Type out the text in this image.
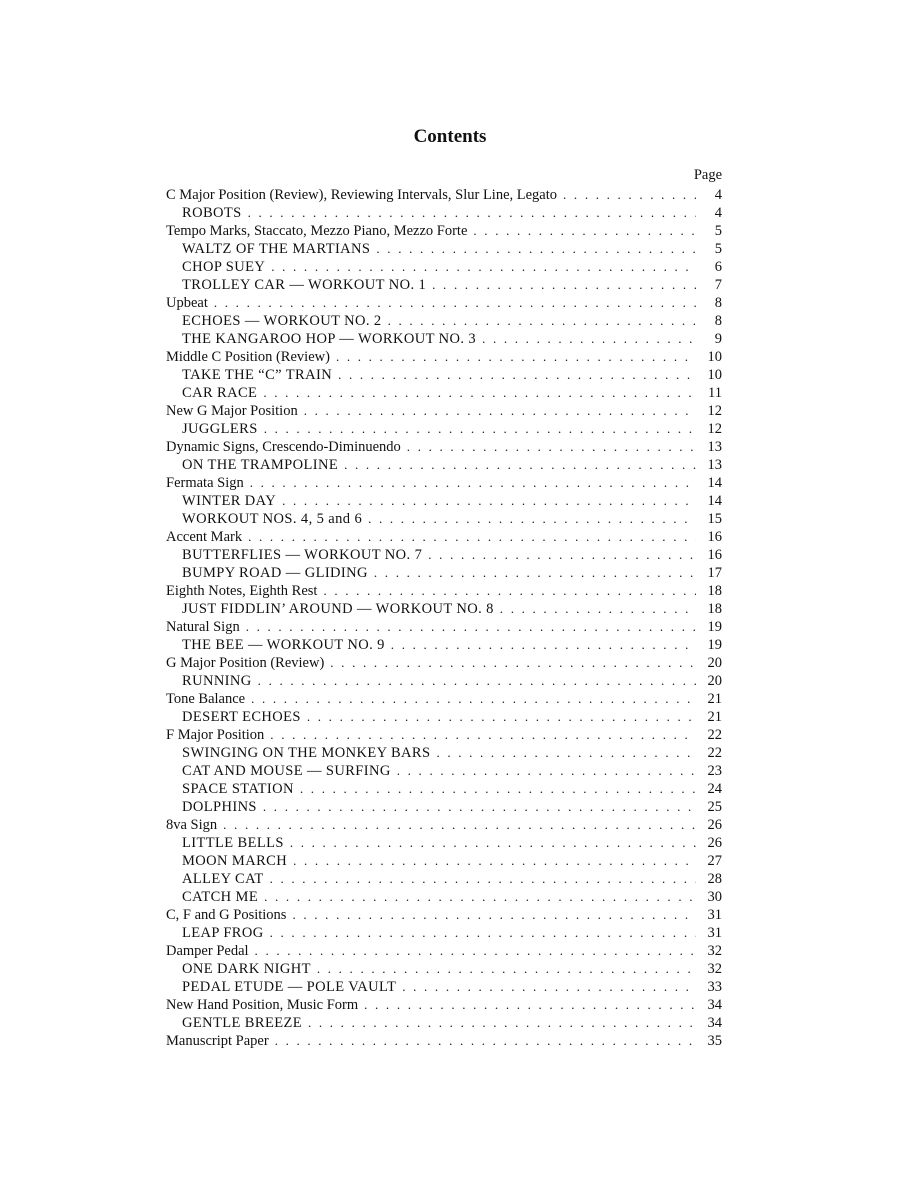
Contents
Page
C Major Position (Review), Reviewing Intervals, Slur Line, Legato . . .	4
ROBOTS . . .	4
Tempo Marks, Staccato, Mezzo Piano, Mezzo Forte . . .	5
WALTZ OF THE MARTIANS . . .	5
CHOP SUEY . . .	6
TROLLEY CAR — WORKOUT NO. 1 . . .	7
Upbeat . . .	8
ECHOES — WORKOUT NO. 2 . . .	8
THE KANGAROO HOP — WORKOUT NO. 3 . . .	9
Middle C Position (Review) . . .	10
TAKE THE “C” TRAIN . . .	10
CAR RACE . . .	11
New G Major Position . . .	12
JUGGLERS . . .	12
Dynamic Signs, Crescendo-Diminuendo . . .	13
ON THE TRAMPOLINE . . .	13
Fermata Sign . . .	14
WINTER DAY . . .	14
WORKOUT NOS. 4, 5 and 6 . . .	15
Accent Mark . . .	16
BUTTERFLIES — WORKOUT NO. 7 . . .	16
BUMPY ROAD — GLIDING . . .	17
Eighth Notes, Eighth Rest . . .	18
JUST FIDDLIN’ AROUND — WORKOUT NO. 8 . . .	18
Natural Sign . . .	19
THE BEE — WORKOUT NO. 9 . . .	19
G Major Position (Review) . . .	20
RUNNING . . .	20
Tone Balance . . .	21
DESERT ECHOES . . .	21
F Major Position . . .	22
SWINGING ON THE MONKEY BARS . . .	22
CAT AND MOUSE — SURFING . . .	23
SPACE STATION . . .	24
DOLPHINS . . .	25
8va Sign . . .	26
LITTLE BELLS . . .	26
MOON MARCH . . .	27
ALLEY CAT . . .	28
CATCH ME . . .	30
C, F and G Positions . . .	31
LEAP FROG . . .	31
Damper Pedal . . .	32
ONE DARK NIGHT . . .	32
PEDAL ETUDE — POLE VAULT . . .	33
New Hand Position, Music Form . . .	34
GENTLE BREEZE . . .	34
Manuscript Paper . . .	35
